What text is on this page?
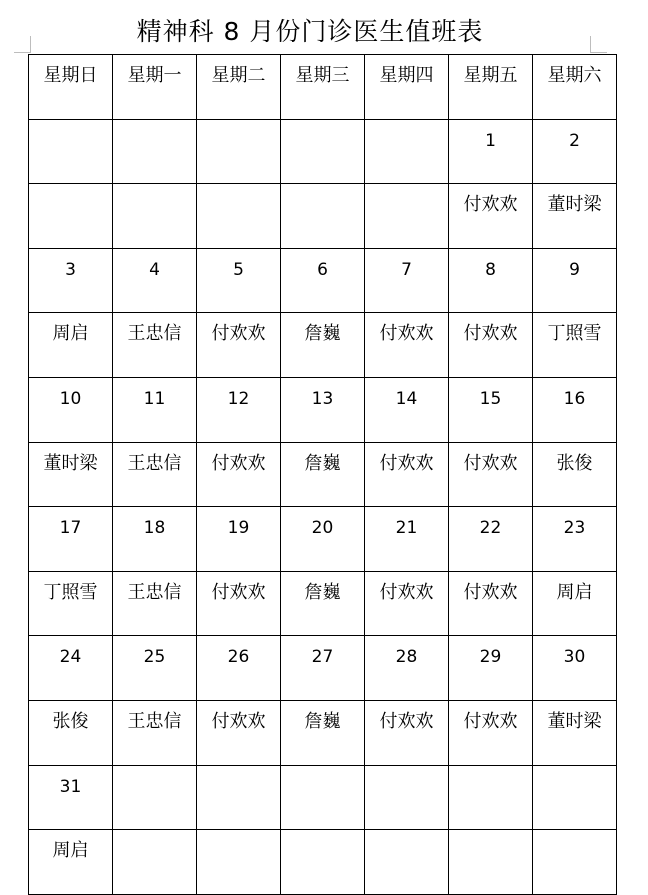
精神科 8 月份门诊医生值班表
星期日	星期一	星期二	星期三	星期四	星期五	星期六

					1	2

					付欢欢	董时梁

3	4	5	6	7	8	9

周启	王忠信	付欢欢	詹巍	付欢欢	付欢欢	丁照雪

10	11	12	13	14	15	16

董时梁	王忠信	付欢欢	詹巍	付欢欢	付欢欢	张俊

17	18	19	20	21	22	23

丁照雪	王忠信	付欢欢	詹巍	付欢欢	付欢欢	周启

24	25	26	27	28	29	30

张俊	王忠信	付欢欢	詹巍	付欢欢	付欢欢	董时梁

31						

周启						
